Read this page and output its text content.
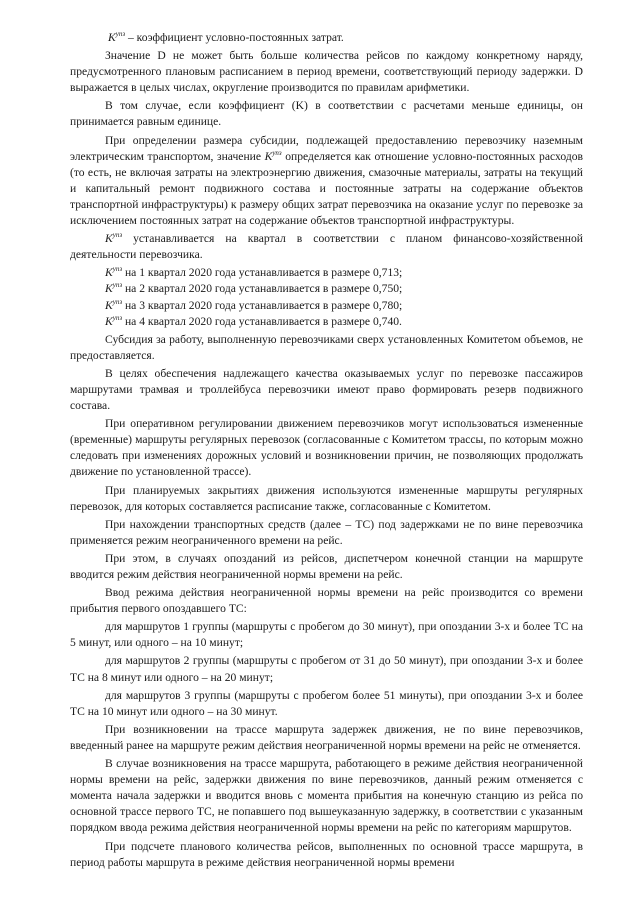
$K^{упз}$ – коэффициент условно-постоянных затрат.

Значение D не может быть больше количества рейсов по каждому конкретному наряду, предусмотренного плановым расписанием в период времени, соответствующий периоду задержки. D выражается в целых числах, округление производится по правилам арифметики.

В том случае, если коэффициент (K) в соответствии с расчетами меньше единицы, он принимается равным единице.

При определении размера субсидии, подлежащей предоставлению перевозчику наземным электрическим транспортом, значение $K^{упз}$ определяется как отношение условно-постоянных расходов (то есть, не включая затраты на электроэнергию движения, смазочные материалы, затраты на текущий и капитальный ремонт подвижного состава и постоянные затраты на содержание объектов транспортной инфраструктуры) к размеру общих затрат перевозчика на оказание услуг по перевозке за исключением постоянных затрат на содержание объектов транспортной инфраструктуры.

$K^{упз}$ устанавливается на квартал в соответствии с планом финансово-хозяйственной деятельности перевозчика.

$K^{упз}$ на 1 квартал 2020 года устанавливается в размере 0,713;

$K^{упз}$ на 2 квартал 2020 года устанавливается в размере 0,750;

$K^{упз}$ на 3 квартал 2020 года устанавливается в размере 0,780;

$K^{упз}$ на 4 квартал 2020 года устанавливается в размере 0,740.

Субсидия за работу, выполненную перевозчиками сверх установленных Комитетом объемов, не предоставляется.

В целях обеспечения надлежащего качества оказываемых услуг по перевозке пассажиров маршрутами трамвая и троллейбуса перевозчики имеют право формировать резерв подвижного состава.

При оперативном регулировании движением перевозчиков могут использоваться измененные (временные) маршруты регулярных перевозок (согласованные с Комитетом трассы, по которым можно следовать при изменениях дорожных условий и возникновении причин, не позволяющих продолжать движение по установленной трассе).

При планируемых закрытиях движения используются измененные маршруты регулярных перевозок, для которых составляется расписание также, согласованные с Комитетом.

При нахождении транспортных средств (далее – ТС) под задержками не по вине перевозчика применяется режим неограниченного времени на рейс.

При этом, в случаях опозданий из рейсов, диспетчером конечной станции на маршруте вводится режим действия неограниченной нормы времени на рейс.

Ввод режима действия неограниченной нормы времени на рейс производится со времени прибытия первого опоздавшего ТС:

для маршрутов 1 группы (маршруты с пробегом до 30 минут), при опоздании 3-х и более ТС на 5 минут, или одного – на 10 минут;

для маршрутов 2 группы (маршруты с пробегом от 31 до 50 минут), при опоздании 3-х и более ТС на 8 минут или одного – на 20 минут;

для маршрутов 3 группы (маршруты с пробегом более 51 минуты), при опоздании 3-х и более ТС на 10 минут или одного – на 30 минут.

При возникновении на трассе маршрута задержек движения, не по вине перевозчиков, введенный ранее на маршруте режим действия неограниченной нормы времени на рейс не отменяется.

В случае возникновения на трассе маршрута, работающего в режиме действия неограниченной нормы времени на рейс, задержки движения по вине перевозчиков, данный режим отменяется с момента начала задержки и вводится вновь с момента прибытия на конечную станцию из рейса по основной трассе первого ТС, не попавшего под вышеуказанную задержку, в соответствии с указанным порядком ввода режима действия неограниченной нормы времени на рейс по категориям маршрутов.

При подсчете планового количества рейсов, выполненных по основной трассе маршрута, в период работы маршрута в режиме действия неограниченной нормы времени
